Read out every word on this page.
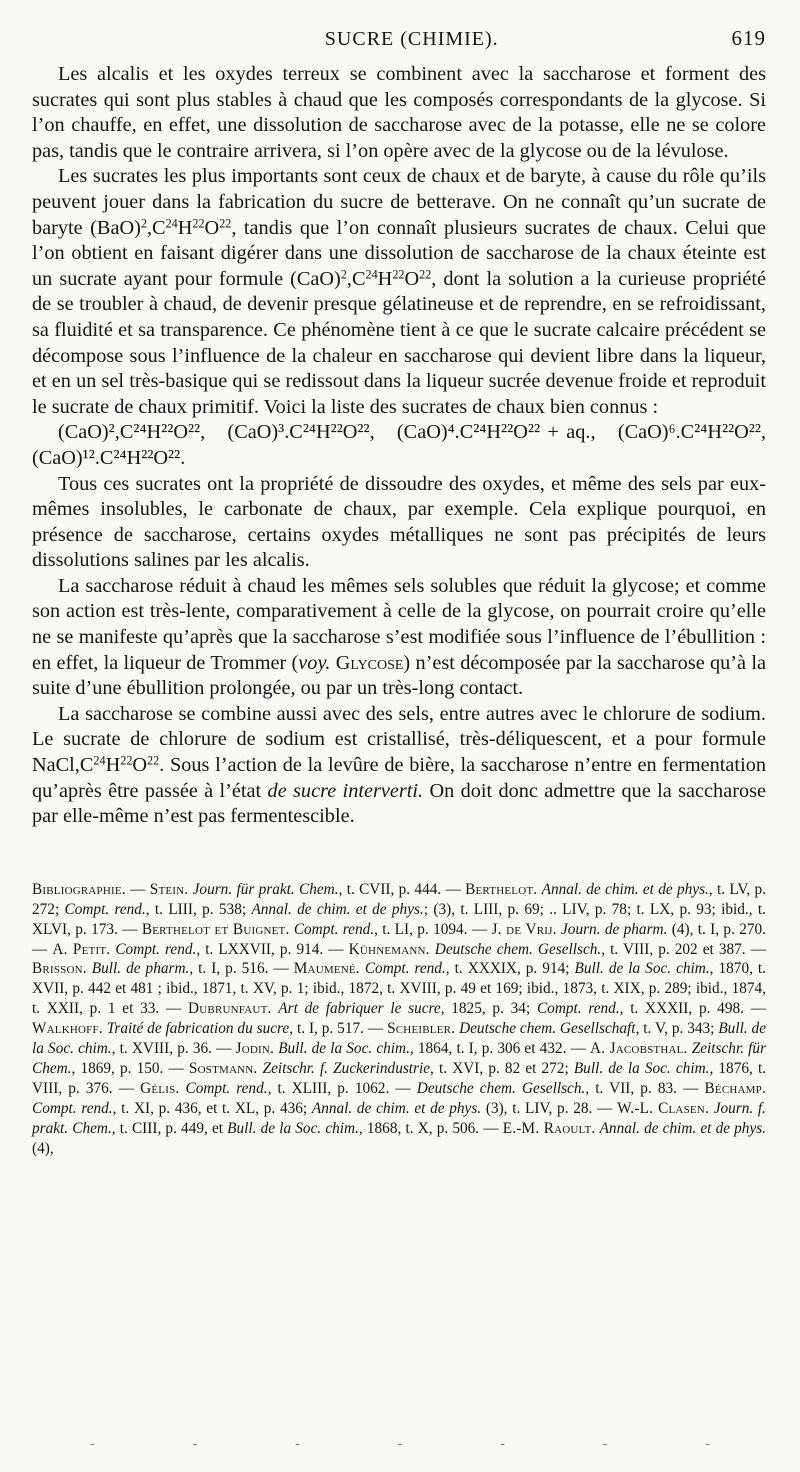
SUCRE (CHIMIE).	619

Les alcalis et les oxydes terreux se combinent avec la saccharose et forment des sucrates qui sont plus stables à chaud que les composés correspondants de la glycose. Si l’on chauffe, en effet, une dissolution de saccharose avec de la potasse, elle ne se colore pas, tandis que le contraire arrivera, si l’on opère avec de la glycose ou de la lévulose.

Les sucrates les plus importants sont ceux de chaux et de baryte, à cause du rôle qu’ils peuvent jouer dans la fabrication du sucre de betterave. On ne connaît qu’un sucrate de baryte $(BaO)^2,C^{24}H^{22}O^{22}$, tandis que l’on connaît plusieurs sucrates de chaux. Celui que l’on obtient en faisant digérer dans une dissolution de saccharose de la chaux éteinte est un sucrate ayant pour formule $(CaO)^2,C^{24}H^{22}O^{22}$, dont la solution a la curieuse propriété de se troubler à chaud, de devenir presque gélatineuse et de reprendre, en se refroidissant, sa fluidité et sa transparence. Ce phénomène tient à ce que le sucrate calcaire précédent se décompose sous l’influence de la chaleur en saccharose qui devient libre dans la liqueur, et en un sel très-basique qui se redissout dans la liqueur sucrée devenue froide et reproduit le sucrate de chaux primitif. Voici la liste des sucrates de chaux bien connus :

(CaO)²,C²⁴H²²O²²,   (CaO)³.C²⁴H²²O²²,   (CaO)⁴.C²⁴H²²O²² + aq.,   (CaO)⁶.C²⁴H²²O²², (CaO)¹².C²⁴H²²O²².

Tous ces sucrates ont la propriété de dissoudre des oxydes, et même des sels par eux-mêmes insolubles, le carbonate de chaux, par exemple. Cela explique pourquoi, en présence de saccharose, certains oxydes métalliques ne sont pas précipités de leurs dissolutions salines par les alcalis.

La saccharose réduit à chaud les mêmes sels solubles que réduit la glycose; et comme son action est très-lente, comparativement à celle de la glycose, on pourrait croire qu’elle ne se manifeste qu’après que la saccharose s’est modifiée sous l’influence de l’ébullition : en effet, la liqueur de Trommer (voy. Glycose) n’est décomposée par la saccharose qu’à la suite d’une ébullition prolongée, ou par un très-long contact.

La saccharose se combine aussi avec des sels, entre autres avec le chlorure de sodium. Le sucrate de chlorure de sodium est cristallisé, très-déliquescent, et a pour formule $NaCl,C^{24}H^{22}O^{22}$. Sous l’action de la levûre de bière, la saccharose n’entre en fermentation qu’après être passée à l’état de sucre interverti. On doit donc admettre que la saccharose par elle-même n’est pas fermentescible.

Bibliographie. — Stein. Journ. für prakt. Chem., t. CVII, p. 444. — Berthelot. Annal. de chim. et de phys., t. LV, p. 272; Compt. rend., t. LIII, p. 538; Annal. de chim. et de phys.; (3), t. LIII, p. 69; .. LIV, p. 78; t. LX, p. 93; ibid., t. XLVI, p. 173. — Berthelot et Buignet. Compt. rend., t. LI, p. 1094. — J. de Vrij. Journ. de pharm. (4), t. I, p. 270. — A. Petit. Compt. rend., t. LXXVII, p. 914. — Kühnemann. Deutsche chem. Gesellsch., t. VIII, p. 202 et 387. — Brisson. Bull. de pharm., t. I, p. 516. — Maumené. Compt. rend., t. XXXIX, p. 914; Bull. de la Soc. chim., 1870, t. XVII, p. 442 et 481 ; ibid., 1871, t. XV, p. 1; ibid., 1872, t. XVIII, p. 49 et 169; ibid., 1873, t. XIX, p. 289; ibid., 1874, t. XXII, p. 1 et 33. — Dubrunfaut. Art de fabriquer le sucre, 1825, p. 34; Compt. rend., t. XXXII, p. 498. — Walkhoff. Traité de fabrication du sucre, t. I, p. 517. — Scheibler. Deutsche chem. Gesellschaft, t. V, p. 343; Bull. de la Soc. chim., t. XVIII, p. 36. — Jodin. Bull. de la Soc. chim., 1864, t. I, p. 306 et 432. — A. Jacobsthal. Zeitschr. für Chem., 1869, p. 150. — Sostmann. Zeitschr. f. Zuckerindustrie, t. XVI, p. 82 et 272; Bull. de la Soc. chim., 1876, t. VIII, p. 376. — Gélis. Compt. rend., t. XLIII, p. 1062. — Deutsche chem. Gesellsch., t. VII, p. 83. — Béchamp. Compt. rend., t. XI, p. 436, et t. XL, p. 436; Annal. de chim. et de phys. (3), t. LIV, p. 28. — W.-L. Clasen. Journ. f. prakt. Chem., t. CIII, p. 449, et Bull. de la Soc. chim., 1868, t. X, p. 506. — E.-M. Raoult. Annal. de chim. et de phys. (4),
-	-	-	-	-	-	-
